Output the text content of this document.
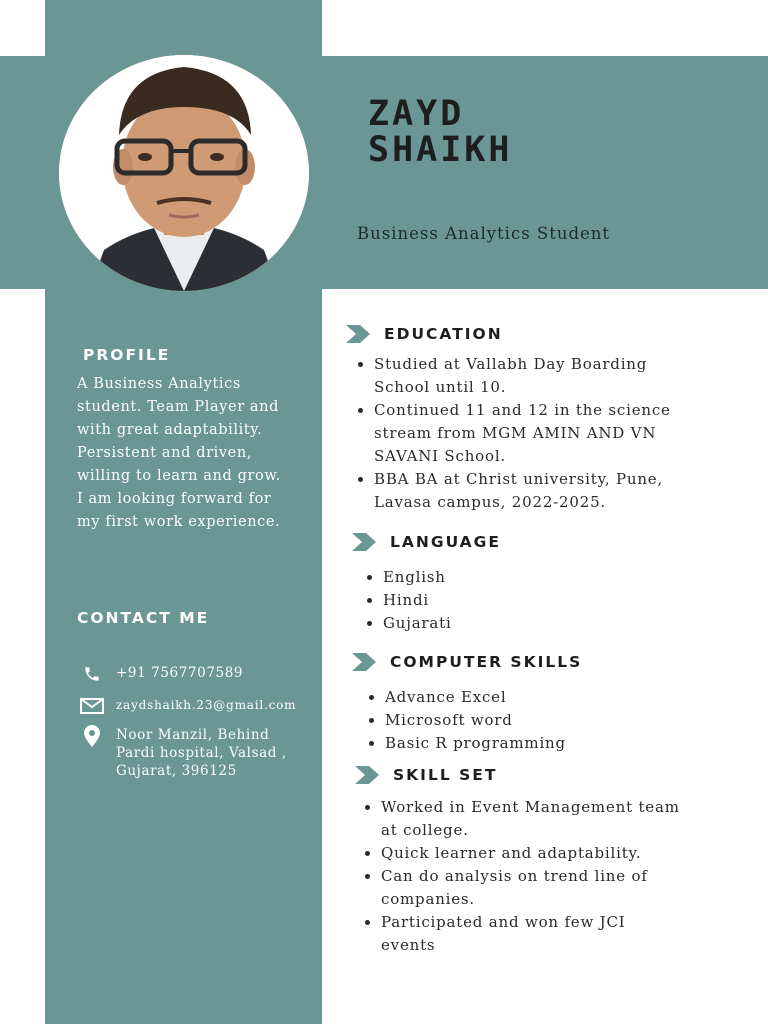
ZAYD
SHAIKH
Business Analytics Student
PROFILE
A Business Analytics student. Team Player and with great adaptability. Persistent and driven, willing to learn and grow. I am looking forward for my first work experience.
CONTACT ME
+91 7567707589
zaydshaikh.23@gmail.com
Noor Manzil, Behind Pardi hospital, Valsad , Gujarat, 396125
EDUCATION
• Studied at Vallabh Day Boarding School until 10.
• Continued 11 and 12 in the science stream from MGM AMIN AND VN SAVANI School.
• BBA BA at Christ university, Pune, Lavasa campus, 2022-2025.
LANGUAGE
• English
• Hindi
• Gujarati
COMPUTER SKILLS
• Advance Excel
• Microsoft word
• Basic R programming
SKILL SET
• Worked in Event Management team at college.
• Quick learner and adaptability.
• Can do analysis on trend line of companies.
• Participated and won few JCI events
